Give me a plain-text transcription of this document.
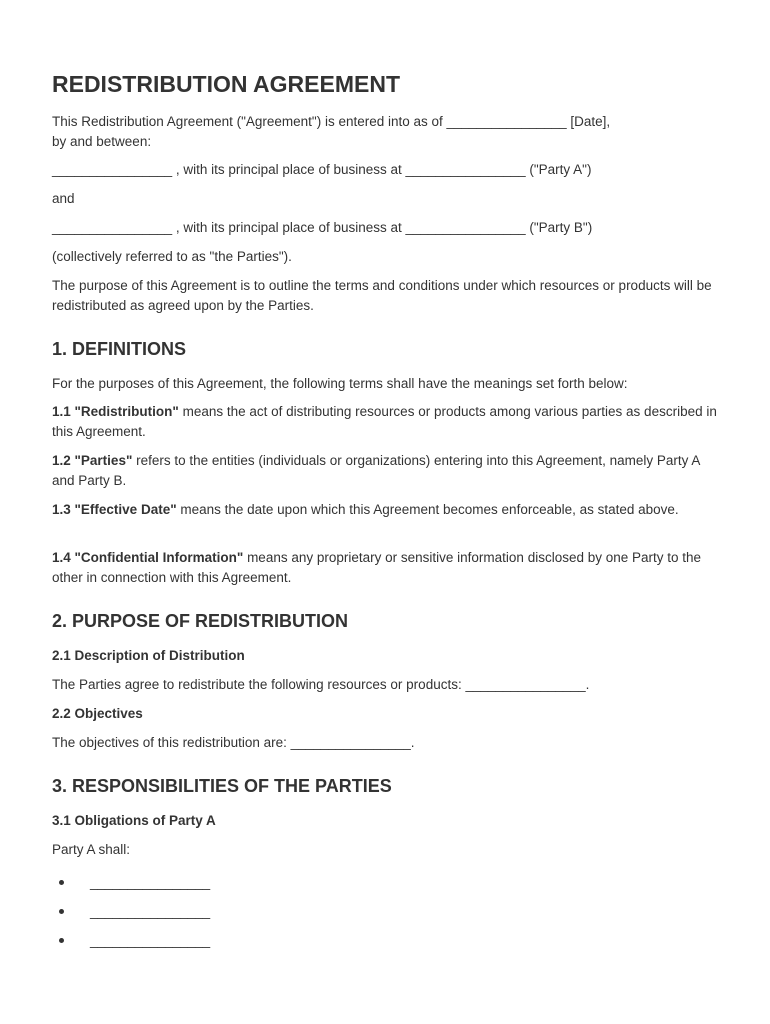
REDISTRIBUTION AGREEMENT

This Redistribution Agreement ("Agreement") is entered into as of ________________ [Date],

by and between:

________________ , with its principal place of business at ________________ ("Party A")

and

________________ , with its principal place of business at ________________ ("Party B")

(collectively referred to as "the Parties").

The purpose of this Agreement is to outline the terms and conditions under which resources or products will be redistributed as agreed upon by the Parties.

1. DEFINITIONS

For the purposes of this Agreement, the following terms shall have the meanings set forth below:

1.1 "Redistribution" means the act of distributing resources or products among various parties as described in this Agreement.

1.2 "Parties" refers to the entities (individuals or organizations) entering into this Agreement, namely Party A and Party B.

1.3 "Effective Date" means the date upon which this Agreement becomes enforceable, as stated above.

1.4 "Confidential Information" means any proprietary or sensitive information disclosed by one Party to the other in connection with this Agreement.

2. PURPOSE OF REDISTRIBUTION
2.1 Description of Distribution

The Parties agree to redistribute the following resources or products: ________________.

2.2 Objectives

The objectives of this redistribution are: ________________.

3. RESPONSIBILITIES OF THE PARTIES
3.1 Obligations of Party A

Party A shall:

________________
________________
________________
